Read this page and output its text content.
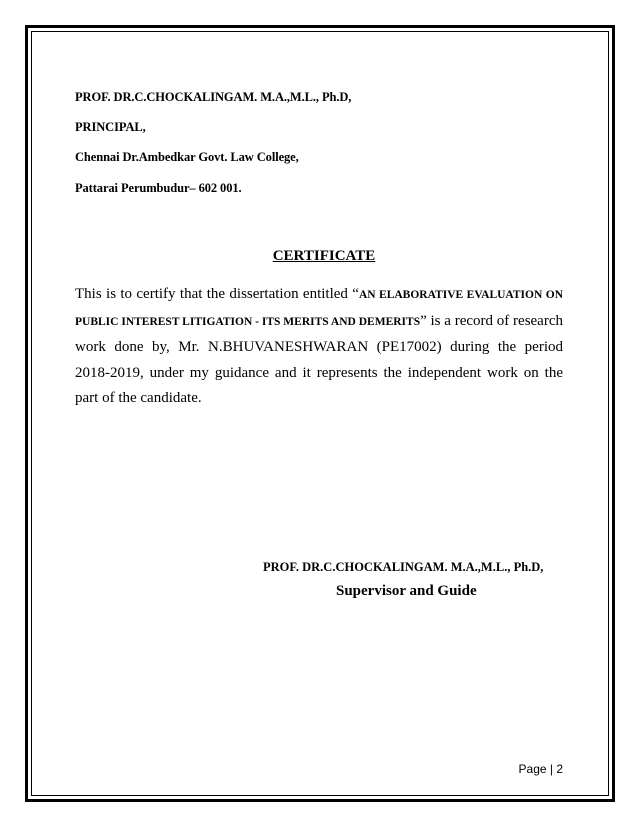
PROF. DR.C.CHOCKALINGAM. M.A.,M.L., Ph.D,
PRINCIPAL,
Chennai Dr.Ambedkar Govt. Law College,
Pattarai Perumbudur– 602 001.
CERTIFICATE
This is to certify that the dissertation entitled “AN ELABORATIVE EVALUATION ON PUBLIC INTEREST LITIGATION - ITS MERITS AND DEMERITS” is a record of research work done by, Mr. N.BHUVANESHWARAN (PE17002) during the period 2018-2019, under my guidance and it represents the independent work on the part of the candidate.
PROF. DR.C.CHOCKALINGAM. M.A.,M.L., Ph.D,
Supervisor and Guide
Page | 2
